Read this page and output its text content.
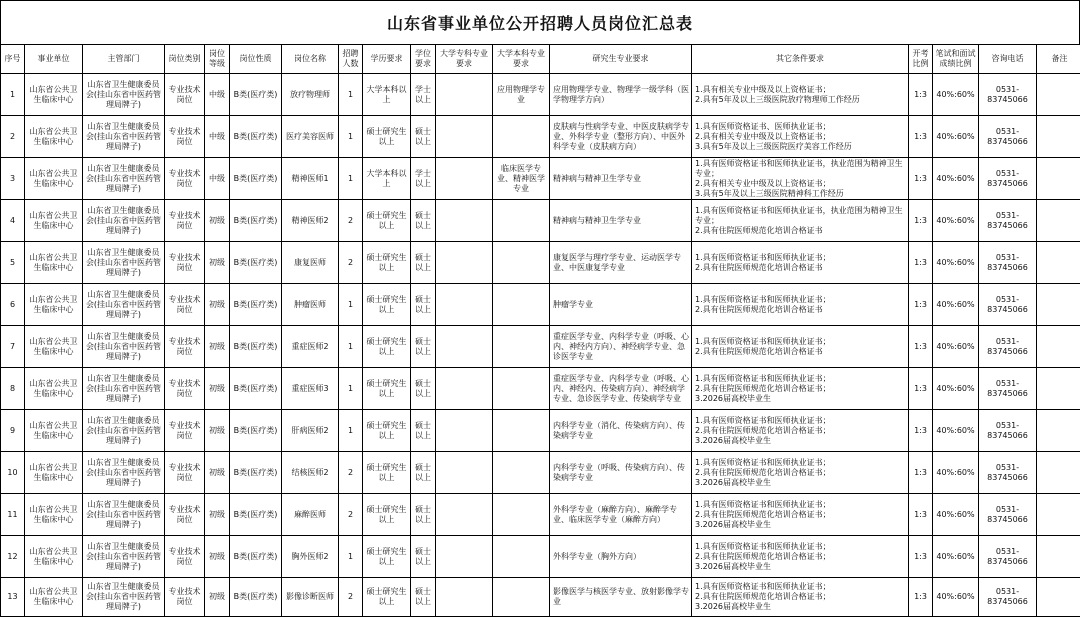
山东省事业单位公开招聘人员岗位汇总表
序号	事业单位	主管部门	岗位类别	岗位等级	岗位性质	岗位名称	招聘人数	学历要求	学位要求	大学专科专业要求	大学本科专业要求	研究生专业要求	其它条件要求	开考比例	笔试和面试成绩比例	咨询电话	备注
1	山东省公共卫生临床中心	山东省卫生健康委员会(挂山东省中医药管理局牌子)	专业技术岗位	中级	B类(医疗类)	放疗物理师	1	大学本科以上	学士以上		应用物理学专业	应用物理学专业、物理学一级学科（医学物理学方向）	1.具有相关专业中级及以上资格证书；
2.具有5年及以上三级医院放疗物理师工作经历	1:3	40%:60%	0531-83745066	
2	山东省公共卫生临床中心	山东省卫生健康委员会(挂山东省中医药管理局牌子)	专业技术岗位	中级	B类(医疗类)	医疗美容医师	1	硕士研究生以上	硕士以上			皮肤病与性病学专业、中医皮肤病学专业、外科学专业（整形方向）、中医外科学专业（皮肤病方向）	1.具有医师资格证书、医师执业证书；
2.具有相关专业中级及以上资格证书；
3.具有5年及以上三级医院医疗美容工作经历	1:3	40%:60%	0531-83745066	
3	山东省公共卫生临床中心	山东省卫生健康委员会(挂山东省中医药管理局牌子)	专业技术岗位	中级	B类(医疗类)	精神医师1	1	大学本科以上	学士以上		临床医学专业、精神医学专业	精神病与精神卫生学专业	1.具有医师资格证书和医师执业证书，执业范围为精神卫生专业；
2.具有相关专业中级及以上资格证书；
3.具有5年及以上三级医院精神科工作经历	1:3	40%:60%	0531-83745066	
4	山东省公共卫生临床中心	山东省卫生健康委员会(挂山东省中医药管理局牌子)	专业技术岗位	初级	B类(医疗类)	精神医师2	2	硕士研究生以上	硕士以上			精神病与精神卫生学专业	1.具有医师资格证书和医师执业证书，执业范围为精神卫生专业；
2.具有住院医师规范化培训合格证书	1:3	40%:60%	0531-83745066	
5	山东省公共卫生临床中心	山东省卫生健康委员会(挂山东省中医药管理局牌子)	专业技术岗位	初级	B类(医疗类)	康复医师	2	硕士研究生以上	硕士以上			康复医学与理疗学专业、运动医学专业、中医康复学专业	1.具有医师资格证书和医师执业证书；
2.具有住院医师规范化培训合格证书	1:3	40%:60%	0531-83745066	
6	山东省公共卫生临床中心	山东省卫生健康委员会(挂山东省中医药管理局牌子)	专业技术岗位	初级	B类(医疗类)	肿瘤医师	1	硕士研究生以上	硕士以上			肿瘤学专业	1.具有医师资格证书和医师执业证书；
2.具有住院医师规范化培训合格证书	1:3	40%:60%	0531-83745066	
7	山东省公共卫生临床中心	山东省卫生健康委员会(挂山东省中医药管理局牌子)	专业技术岗位	初级	B类(医疗类)	重症医师2	1	硕士研究生以上	硕士以上			重症医学专业、内科学专业（呼吸、心内、神经内方向）、神经病学专业、急诊医学专业	1.具有医师资格证书和医师执业证书；
2.具有住院医师规范化培训合格证书	1:3	40%:60%	0531-83745066	
8	山东省公共卫生临床中心	山东省卫生健康委员会(挂山东省中医药管理局牌子)	专业技术岗位	初级	B类(医疗类)	重症医师3	1	硕士研究生以上	硕士以上			重症医学专业、内科学专业（呼吸、心内、神经内、传染病方向）、神经病学专业、急诊医学专业、传染病学专业	1.具有医师资格证书和医师执业证书；
2.具有住院医师规范化培训合格证书；
3.2026届高校毕业生	1:3	40%:60%	0531-83745066	
9	山东省公共卫生临床中心	山东省卫生健康委员会(挂山东省中医药管理局牌子)	专业技术岗位	初级	B类(医疗类)	肝病医师2	1	硕士研究生以上	硕士以上			内科学专业（消化、传染病方向）、传染病学专业	1.具有医师资格证书和医师执业证书；
2.具有住院医师规范化培训合格证书；
3.2026届高校毕业生	1:3	40%:60%	0531-83745066	
10	山东省公共卫生临床中心	山东省卫生健康委员会(挂山东省中医药管理局牌子)	专业技术岗位	初级	B类(医疗类)	结核医师2	2	硕士研究生以上	硕士以上			内科学专业（呼吸、传染病方向）、传染病学专业	1.具有医师资格证书和医师执业证书；
2.具有住院医师规范化培训合格证书；
3.2026届高校毕业生	1:3	40%:60%	0531-83745066	
11	山东省公共卫生临床中心	山东省卫生健康委员会(挂山东省中医药管理局牌子)	专业技术岗位	初级	B类(医疗类)	麻醉医师	2	硕士研究生以上	硕士以上			外科学专业（麻醉方向）、麻醉学专业、临床医学专业（麻醉方向）	1.具有医师资格证书和医师执业证书；
2.具有住院医师规范化培训合格证书；
3.2026届高校毕业生	1:3	40%:60%	0531-83745066	
12	山东省公共卫生临床中心	山东省卫生健康委员会(挂山东省中医药管理局牌子)	专业技术岗位	初级	B类(医疗类)	胸外医师2	1	硕士研究生以上	硕士以上			外科学专业（胸外方向）	1.具有医师资格证书和医师执业证书；
2.具有住院医师规范化培训合格证书；
3.2026届高校毕业生	1:3	40%:60%	0531-83745066	
13	山东省公共卫生临床中心	山东省卫生健康委员会(挂山东省中医药管理局牌子)	专业技术岗位	初级	B类(医疗类)	影像诊断医师	2	硕士研究生以上	硕士以上			影像医学与核医学专业、放射影像学专业	1.具有医师资格证书和医师执业证书；
2.具有住院医师规范化培训合格证书；
3.2026届高校毕业生	1:3	40%:60%	0531-83745066	
